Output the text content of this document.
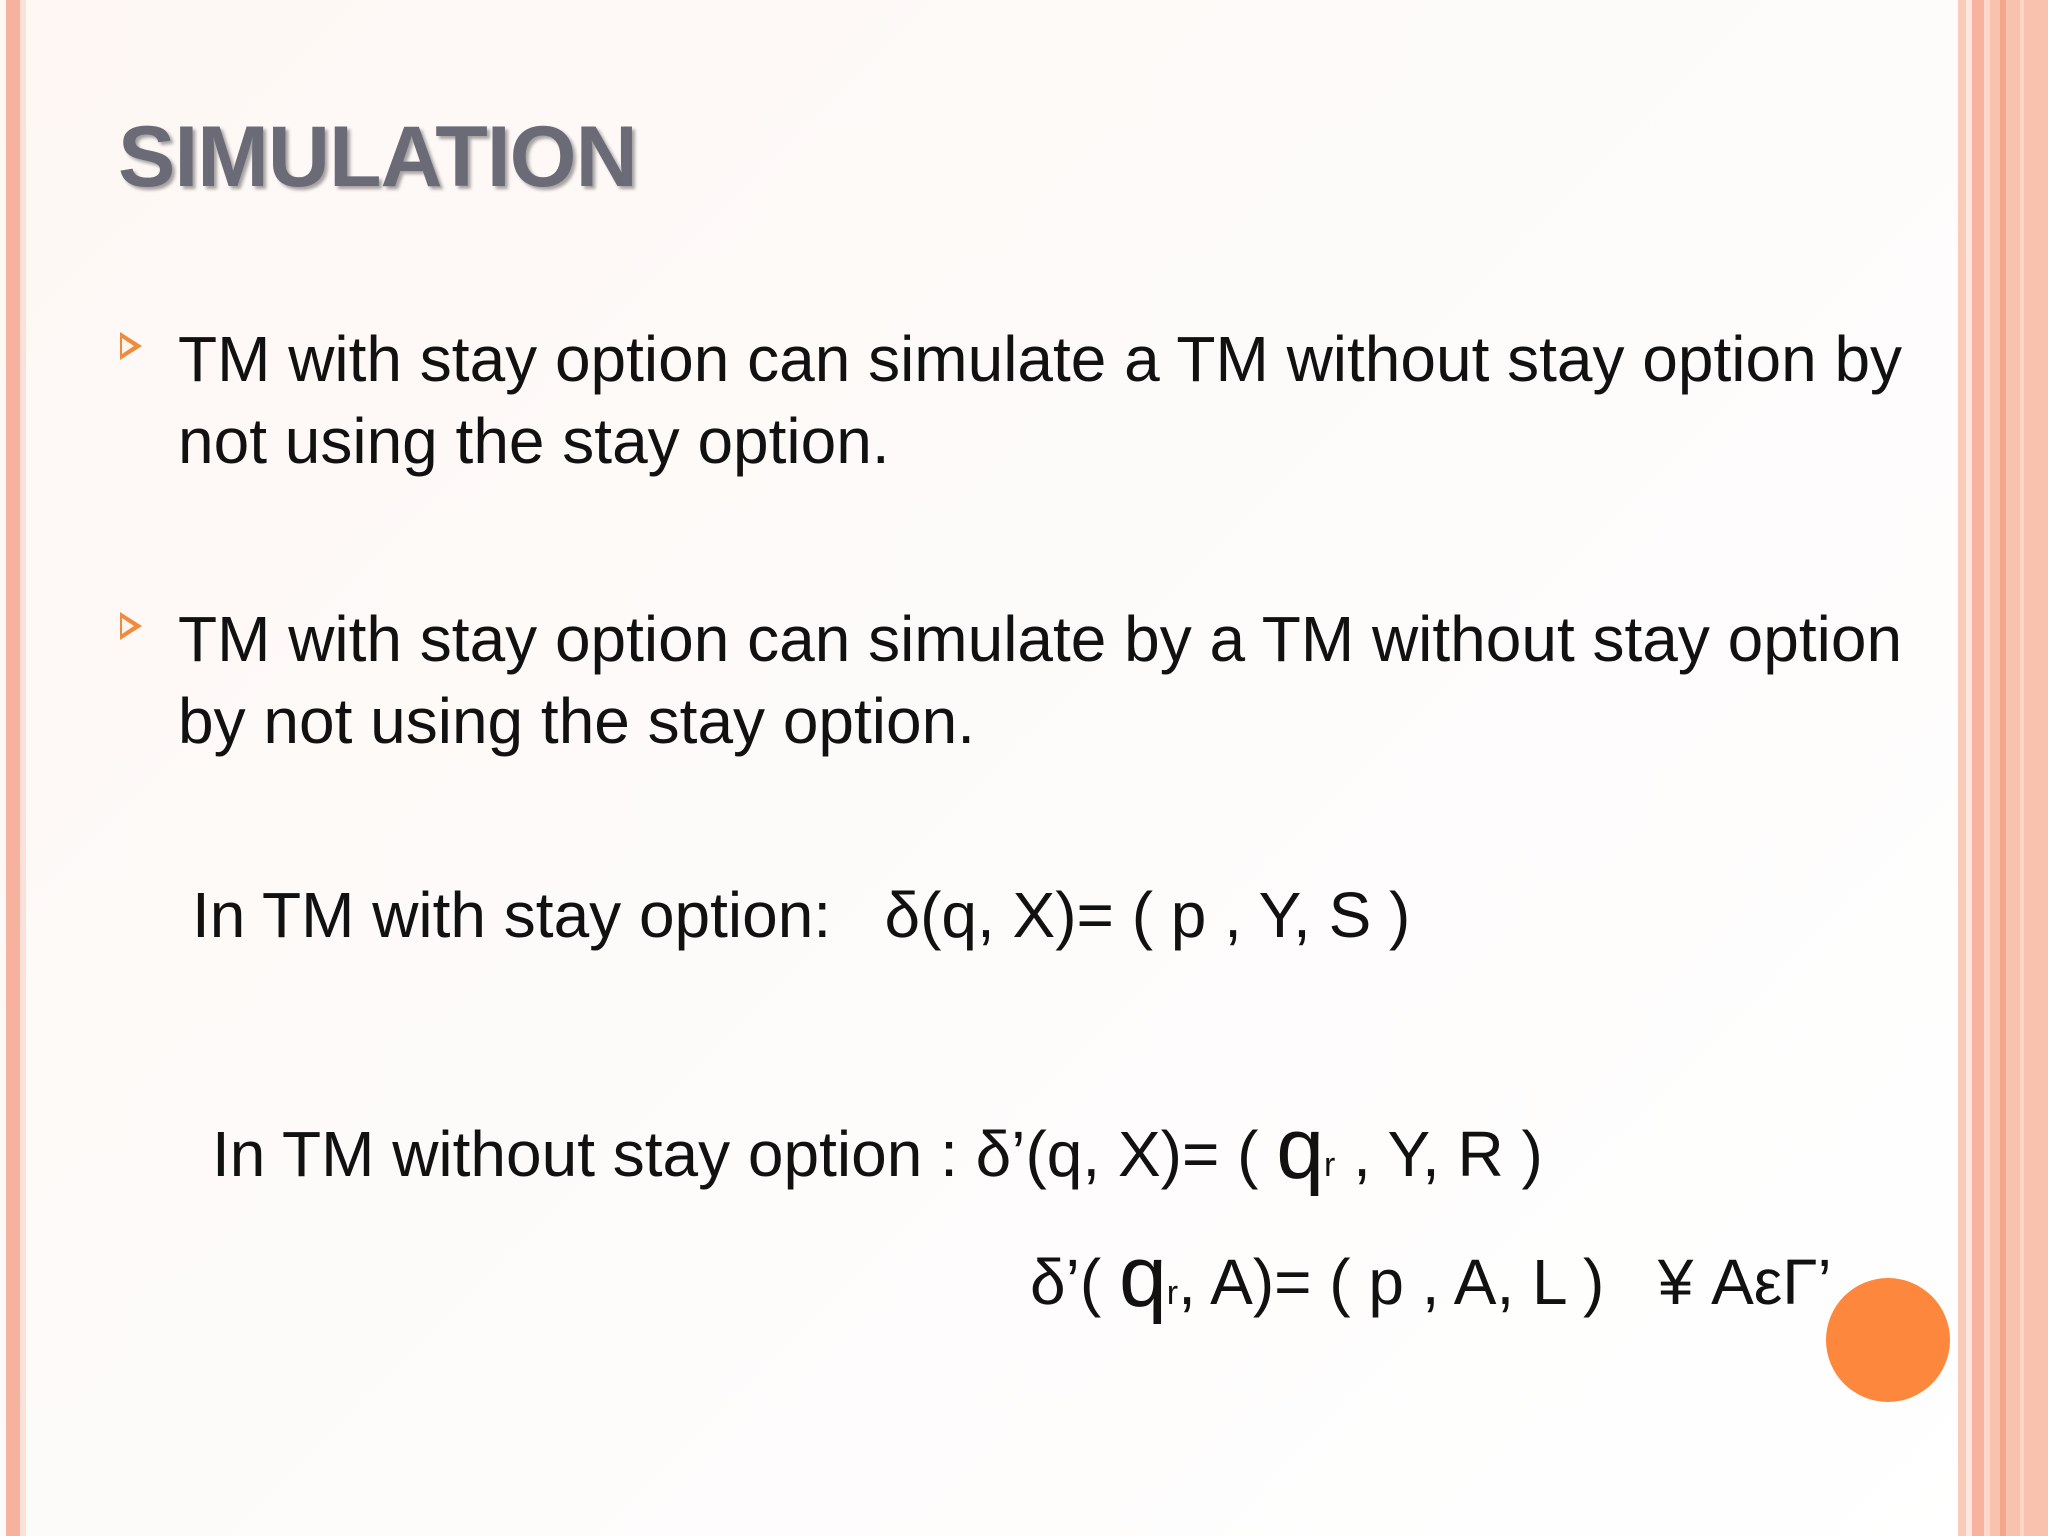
SIMULATION
TM with stay option can simulate a TM without stay option by not using the stay option.
TM with stay option can simulate by a TM without stay option by not using the stay option.
In TM with stay option:   δ(q, X)= ( p , Y, S )
In TM without stay option : δ’(q, X)= ( qr , Y, R )
δ’( qr, A)= ( p , A, L )   ¥ AεΓ’
